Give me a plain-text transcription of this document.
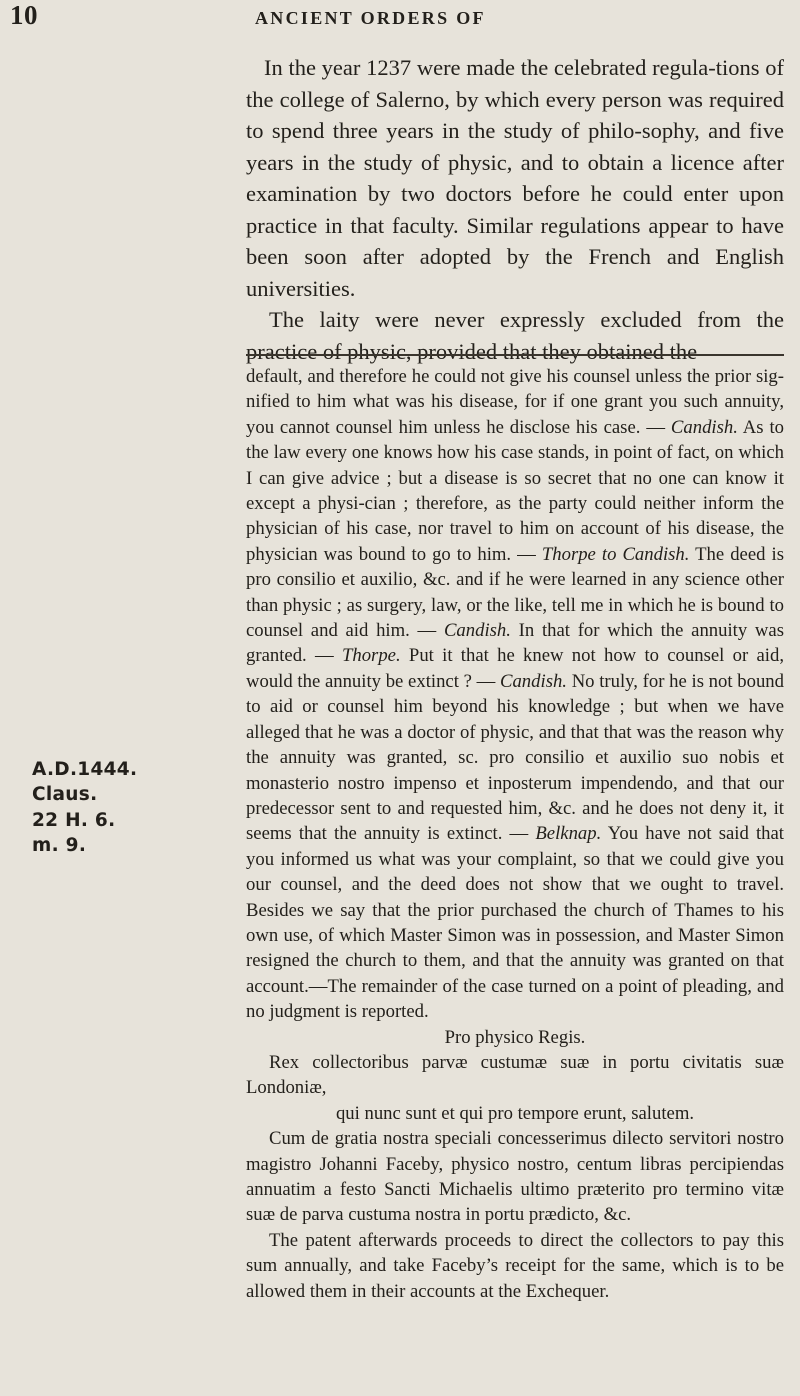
10	ANCIENT ORDERS OF

In the year 1237 were made the celebrated regula-tions of the college of Salerno, by which every person was required to spend three years in the study of philo-sophy, and five years in the study of physic, and to obtain a licence after examination by two doctors before he could enter upon practice in that faculty. Similar regulations appear to have been soon after adopted by the French and English universities.

The laity were never expressly excluded from the practice of physic, provided that they obtained the

default, and therefore he could not give his counsel unless the prior sig-nified to him what was his disease, for if one grant you such annuity, you cannot counsel him unless he disclose his case. — Candish. As to the law every one knows how his case stands, in point of fact, on which I can give advice ; but a disease is so secret that no one can know it except a physi-cian ; therefore, as the party could neither inform the physician of his case, nor travel to him on account of his disease, the physician was bound to go to him. — Thorpe to Candish. The deed is pro consilio et auxilio, &c. and if he were learned in any science other than physic ; as surgery, law, or the like, tell me in which he is bound to counsel and aid him. — Candish. In that for which the annuity was granted. — Thorpe. Put it that he knew not how to counsel or aid, would the annuity be extinct ? — Candish. No truly, for he is not bound to aid or counsel him beyond his knowledge ; but when we have alleged that he was a doctor of physic, and that that was the reason why the annuity was granted, sc. pro consilio et auxilio suo nobis et monasterio nostro impenso et inposterum impendendo, and that our predecessor sent to and requested him, &c. and he does not deny it, it seems that the annuity is extinct. — Belknap. You have not said that you informed us what was your complaint, so that we could give you our counsel, and the deed does not show that we ought to travel. Besides we say that the prior purchased the church of Thames to his own use, of which Master Simon was in possession, and Master Simon resigned the church to them, and that the annuity was granted on that account.—The remainder of the case turned on a point of pleading, and no judgment is reported.

Pro physico Regis.

Rex collectoribus parvæ custumæ suæ in portu civitatis suæ Londoniæ,

qui nunc sunt et qui pro tempore erunt, salutem.

Cum de gratia nostra speciali concesserimus dilecto servitori nostro magistro Johanni Faceby, physico nostro, centum libras percipiendas annuatim a festo Sancti Michaelis ultimo præterito pro termino vitæ suæ de parva custuma nostra in portu prædicto, &c.

The patent afterwards proceeds to direct the collectors to pay this sum annually, and take Faceby’s receipt for the same, which is to be allowed them in their accounts at the Exchequer.

A.D.1444.
Claus.
22 H. 6.
m. 9.
